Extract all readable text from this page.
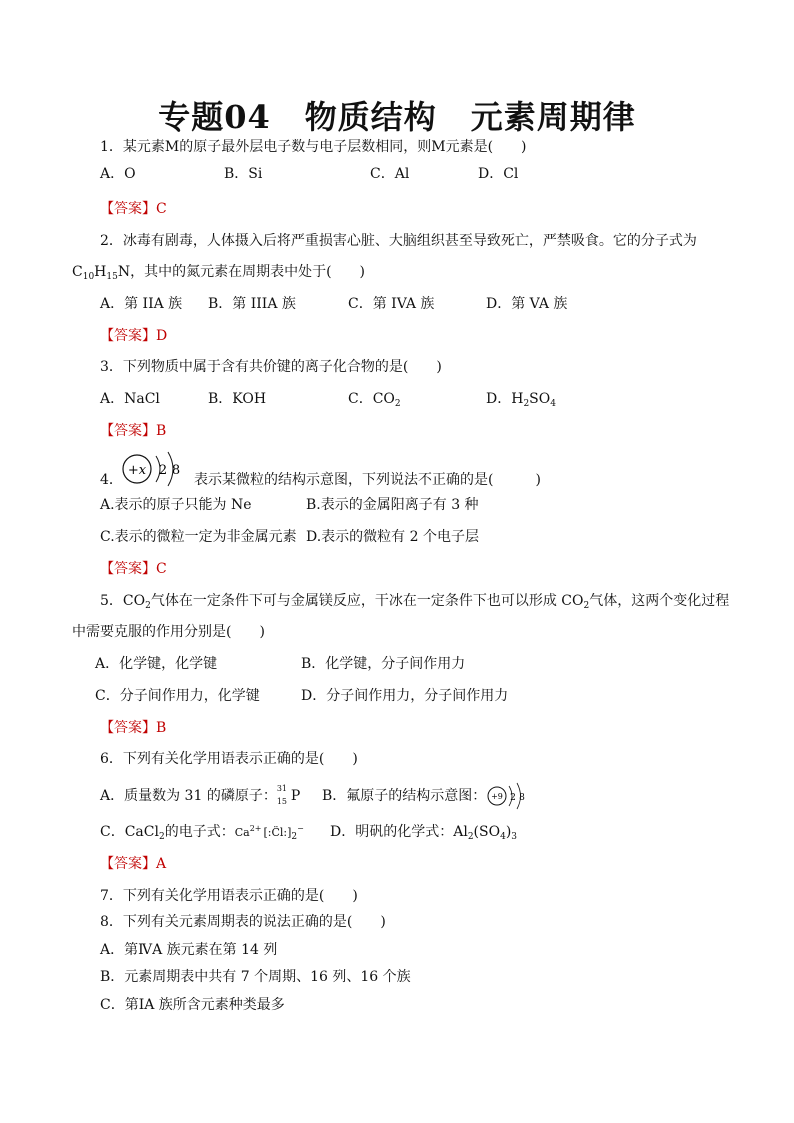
专题04 物质结构 元素周期律
1．某元素M的原子最外层电子数与电子层数相同，则M元素是(　　)
A．O	B．Si	C．Al	D．Cl
【答案】C
2．冰毒有剧毒，人体摄入后将严重损害心脏、大脑组织甚至导致死亡，严禁吸食。它的分子式为
$C_{10}H_{15}N$，其中的氮元素在周期表中处于(　　)
A．第 IIA 族 B．第 IIIA 族	C．第 IVA 族	D．第 VA 族
【答案】D
3．下列物质中属于含有共价键的离子化合物的是(　　)
A．NaCl	B．KOH	C．$CO_2$	D．$H_2SO_4$
【答案】B
4．
+x 2 8
表示某微粒的结构示意图，下列说法不正确的是(　　　)
A.表示的原子只能为 Ne	B.表示的金属阳离子有 3 种
C.表示的微粒一定为非金属元素 D.表示的微粒有 2 个电子层
【答案】C
5．$CO_2$气体在一定条件下可与金属镁反应，干冰在一定条件下也可以形成 $CO_2$气体，这两个变化过程
中需要克服的作用分别是(　　)
A．化学键，化学键	B．化学键，分子间作用力
C．分子间作用力，化学键	D．分子间作用力，分子间作用力
【答案】B
6．下列有关化学用语表示正确的是(　　)
A．质量数为 31 的磷原子： 31
15 P B．氟原子的结构示意图： +9 2 8
C．CaCl$_2$的电子式：$Ca^{2+}$ $[:C̈l:]_2^-$ D．明矾的化学式：$Al_2(SO_4)_3$
【答案】A
7．下列有关化学用语表示正确的是(　　)
8．下列有关元素周期表的说法正确的是(　　)
A．第ⅣA 族元素在第 14 列
B．元素周期表中共有 7 个周期、16 列、16 个族
C．第ⅠA 族所含元素种类最多
